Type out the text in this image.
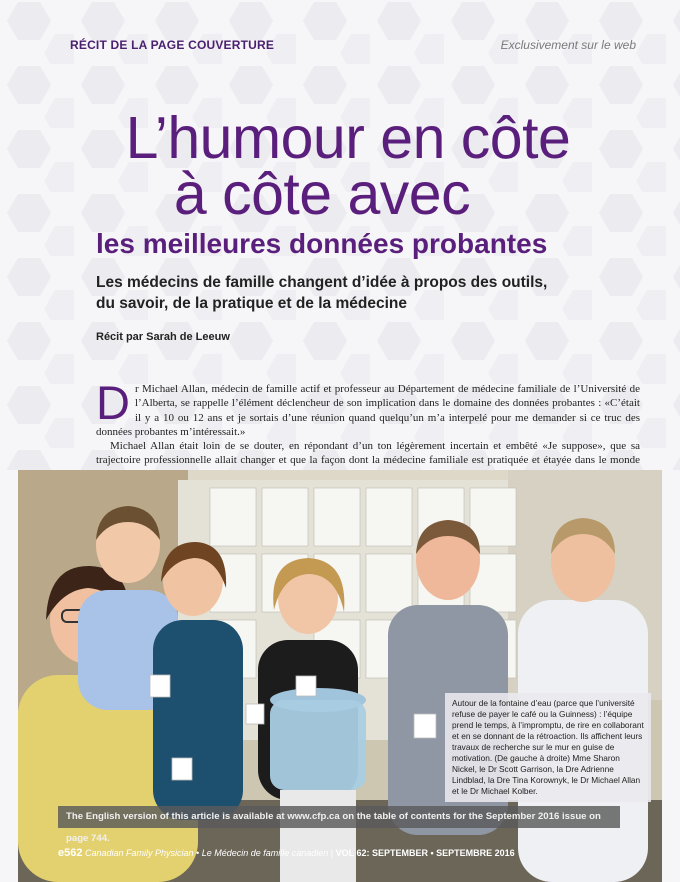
RÉCIT DE LA PAGE COUVERTURE	Exclusivement sur le web
L’humour en côte
à côte avec
les meilleures données probantes
Les médecins de famille changent d’idée à propos des outils, du savoir, de la pratique et de la médecine
Récit par Sarah de Leeuw

Dr Michael Allan, médecin de famille actif et professeur au Département de médecine familiale de l’Université de l’Alberta, se rappelle l’élément déclencheur de son implication dans le domaine des données probantes : «C’était il y a 10 ou 12 ans et je sortais d’une réunion quand quelqu’un m’a interpelé pour me demander si ce truc des données probantes m’intéressait.»

Michael Allan était loin de se douter, en répondant d’un ton légèrement incertain et embêté «Je suppose», que sa trajectoire professionnelle allait changer et que la façon dont la médecine familiale est pratiquée et étayée dans le monde

Autour de la fontaine d’eau (parce que l’université refuse de payer le café ou la Guinness) : l’équipe prend le temps, à l’impromptu, de rire en collaborant et en se donnant de la rétroaction. Ils affichent leurs travaux de recherche sur le mur en guise de motivation. (De gauche à droite) Mme Sharon Nickel, le Dr Scott Garrison, la Dre Adrienne Lindblad, la Dre Tina Korownyk, le Dr Michael Allan et le Dr Michael Kolber.
The English version of this article is available at www.cfp.ca on the table of contents for the September 2016 issue on page 744.
e562 Canadian Family Physician • Le Médecin de famille canadien | VOL 62: SEPTEMBER • SEPTEMBRE 2016
